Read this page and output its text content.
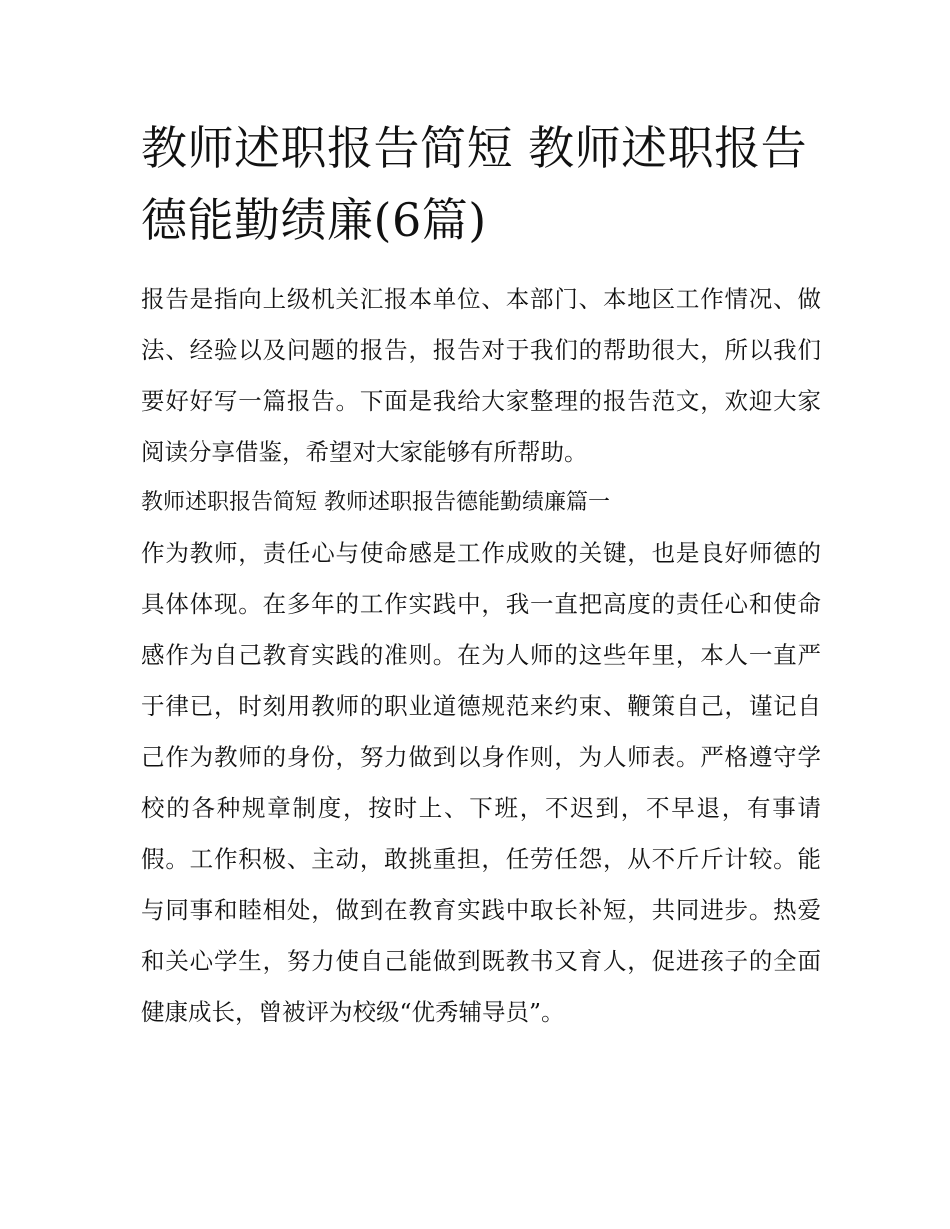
教师述职报告简短 教师述职报告德能勤绩廉(6篇)

报告是指向上级机关汇报本单位、本部门、本地区工作情况、做法、经验以及问题的报告，报告对于我们的帮助很大，所以我们要好好写一篇报告。下面是我给大家整理的报告范文，欢迎大家阅读分享借鉴，希望对大家能够有所帮助。

教师述职报告简短 教师述职报告德能勤绩廉篇一

作为教师，责任心与使命感是工作成败的关键，也是良好师德的具体体现。在多年的工作实践中，我一直把高度的责任心和使命感作为自己教育实践的准则。在为人师的这些年里，本人一直严于律已，时刻用教师的职业道德规范来约束、鞭策自己，谨记自己作为教师的身份，努力做到以身作则，为人师表。严格遵守学校的各种规章制度，按时上、下班，不迟到，不早退，有事请假。工作积极、主动，敢挑重担，任劳任怨，从不斤斤计较。能与同事和睦相处，做到在教育实践中取长补短，共同进步。热爱和关心学生，努力使自己能做到既教书又育人，促进孩子的全面健康成长，曾被评为校级“优秀辅导员”。
